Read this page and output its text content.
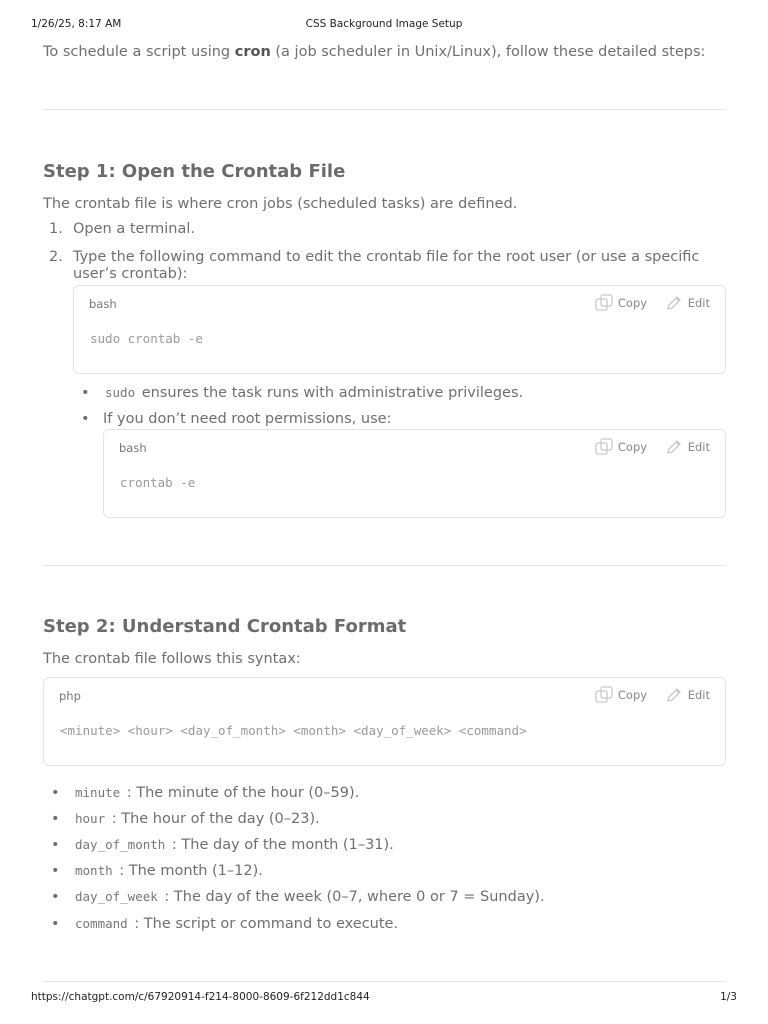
1/26/25, 8:17 AM	CSS Background Image Setup
To schedule a script using cron (a job scheduler in Unix/Linux), follow these detailed steps:
Step 1: Open the Crontab File
The crontab file is where cron jobs (scheduled tasks) are defined.
1. Open a terminal.
2. Type the following command to edit the crontab file for the root user (or use a specific user’s crontab):
bash	Copy
	Edit
sudo crontab -e
• sudo ensures the task runs with administrative privileges.
• If you don’t need root permissions, use:
bash	Copy
	Edit
crontab -e
Step 2: Understand Crontab Format
The crontab file follows this syntax:
php	Copy
	Edit
<minute> <hour> <day_of_month> <month> <day_of_week> <command>
• minute : The minute of the hour (0–59).
• hour : The hour of the day (0–23).
• day_of_month : The day of the month (1–31).
• month : The month (1–12).
• day_of_week : The day of the week (0–7, where 0 or 7 = Sunday).
• command : The script or command to execute.
https://chatgpt.com/c/67920914-f214-8000-8609-6f212dd1c844	1/3
